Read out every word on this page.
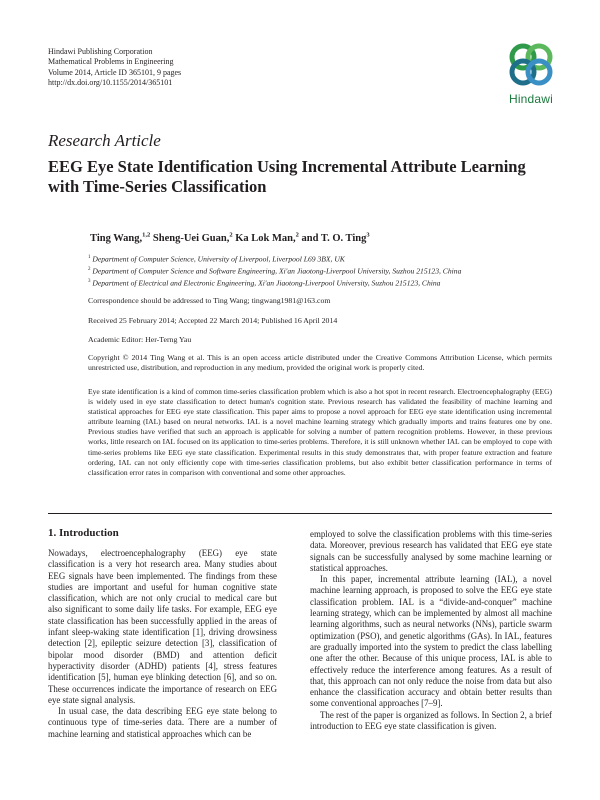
Hindawi Publishing Corporation
Mathematical Problems in Engineering
Volume 2014, Article ID 365101, 9 pages
http://dx.doi.org/10.1155/2014/365101
Hindawi
Research Article
EEG Eye State Identification Using Incremental Attribute Learning with Time-Series Classification
Ting Wang,$^{1,2}$ Sheng-Uei Guan,$^2$ Ka Lok Man,$^2$ and T. O. Ting$^3$
$^1$ Department of Computer Science, University of Liverpool, Liverpool L69 3BX, UK
$^2$ Department of Computer Science and Software Engineering, Xi'an Jiaotong-Liverpool University, Suzhou 215123, China
$^3$ Department of Electrical and Electronic Engineering, Xi'an Jiaotong-Liverpool University, Suzhou 215123, China
Correspondence should be addressed to Ting Wang; tingwang1981@163.com
Received 25 February 2014; Accepted 22 March 2014; Published 16 April 2014
Academic Editor: Her-Terng Yau
Copyright © 2014 Ting Wang et al. This is an open access article distributed under the Creative Commons Attribution License, which permits unrestricted use, distribution, and reproduction in any medium, provided the original work is properly cited.
Eye state identification is a kind of common time-series classification problem which is also a hot spot in recent research. Electroencephalography (EEG) is widely used in eye state classification to detect human's cognition state. Previous research has validated the feasibility of machine learning and statistical approaches for EEG eye state classification. This paper aims to propose a novel approach for EEG eye state identification using incremental attribute learning (IAL) based on neural networks. IAL is a novel machine learning strategy which gradually imports and trains features one by one. Previous studies have verified that such an approach is applicable for solving a number of pattern recognition problems. However, in these previous works, little research on IAL focused on its application to time-series problems. Therefore, it is still unknown whether IAL can be employed to cope with time-series problems like EEG eye state classification. Experimental results in this study demonstrates that, with proper feature extraction and feature ordering, IAL can not only efficiently cope with time-series classification problems, but also exhibit better classification performance in terms of classification error rates in comparison with conventional and some other approaches.
1. Introduction

Nowadays, electroencephalography (EEG) eye state classification is a very hot research area. Many studies about EEG signals have been implemented. The findings from these studies are important and useful for human cognitive state classification, which are not only crucial to medical care but also significant to some daily life tasks. For example, EEG eye state classification has been successfully applied in the areas of infant sleep-waking state identification [1], driving drowsiness detection [2], epileptic seizure detection [3], classification of bipolar mood disorder (BMD) and attention deficit hyperactivity disorder (ADHD) patients [4], stress features identification [5], human eye blinking detection [6], and so on. These occurrences indicate the importance of research on EEG eye state signal analysis.

In usual case, the data describing EEG eye state belong to continuous type of time-series data. There are a number of machine learning and statistical approaches which can be

employed to solve the classification problems with this time-series data. Moreover, previous research has validated that EEG eye state signals can be successfully analysed by some machine learning or statistical approaches.

In this paper, incremental attribute learning (IAL), a novel machine learning approach, is proposed to solve the EEG eye state classification problem. IAL is a “divide-and-conquer” machine learning strategy, which can be implemented by almost all machine learning algorithms, such as neural networks (NNs), particle swarm optimization (PSO), and genetic algorithms (GAs). In IAL, features are gradually imported into the system to predict the class labelling one after the other. Because of this unique process, IAL is able to effectively reduce the interference among features. As a result of that, this approach can not only reduce the noise from data but also enhance the classification accuracy and obtain better results than some conventional approaches [7–9].

The rest of the paper is organized as follows. In Section 2, a brief introduction to EEG eye state classification is given.
